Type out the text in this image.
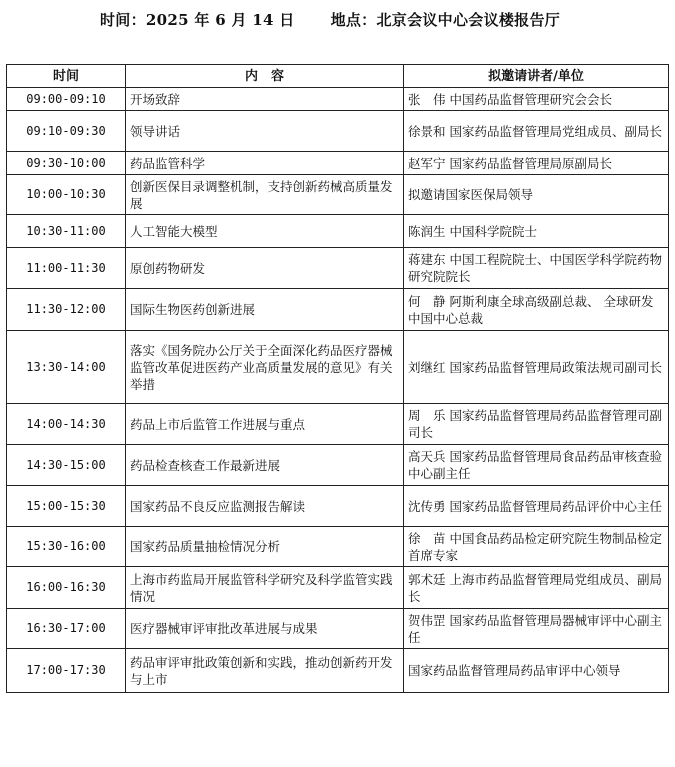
时间：2025 年 6 月 14 日 地点：北京会议中心会议楼报告厅
时间	内　容	拟邀请讲者/单位
09:00-09:10	开场致辞	张　伟 中国药品监督管理研究会会长
09:10-09:30	领导讲话	徐景和 国家药品监督管理局党组成员、副局长
09:30-10:00	药品监管科学	赵军宁 国家药品监督管理局原副局长
10:00-10:30	创新医保目录调整机制，支持创新药械高质量发展	拟邀请国家医保局领导
10:30-11:00	人工智能大模型	陈润生 中国科学院院士
11:00-11:30	原创药物研发	蒋建东 中国工程院院士、中国医学科学院药物研究院院长
11:30-12:00	国际生物医药创新进展	何　静 阿斯利康全球高级副总裁、 全球研发中国中心总裁
13:30-14:00	落实《国务院办公厅关于全面深化药品医疗器械监管改革促进医药产业高质量发展的意见》有关举措	刘继红 国家药品监督管理局政策法规司副司长
14:00-14:30	药品上市后监管工作进展与重点	周　乐 国家药品监督管理局药品监督管理司副司长
14:30-15:00	药品检查核查工作最新进展	高天兵 国家药品监督管理局食品药品审核查验中心副主任
15:00-15:30	国家药品不良反应监测报告解读	沈传勇 国家药品监督管理局药品评价中心主任
15:30-16:00	国家药品质量抽检情况分析	徐　苗 中国食品药品检定研究院生物制品检定首席专家
16:00-16:30	上海市药监局开展监管科学研究及科学监管实践情况	郭术廷 上海市药品监督管理局党组成员、副局长
16:30-17:00	医疗器械审评审批改革进展与成果	贺伟罡 国家药品监督管理局器械审评中心副主任
17:00-17:30	药品审评审批政策创新和实践，推动创新药开发与上市	国家药品监督管理局药品审评中心领导
